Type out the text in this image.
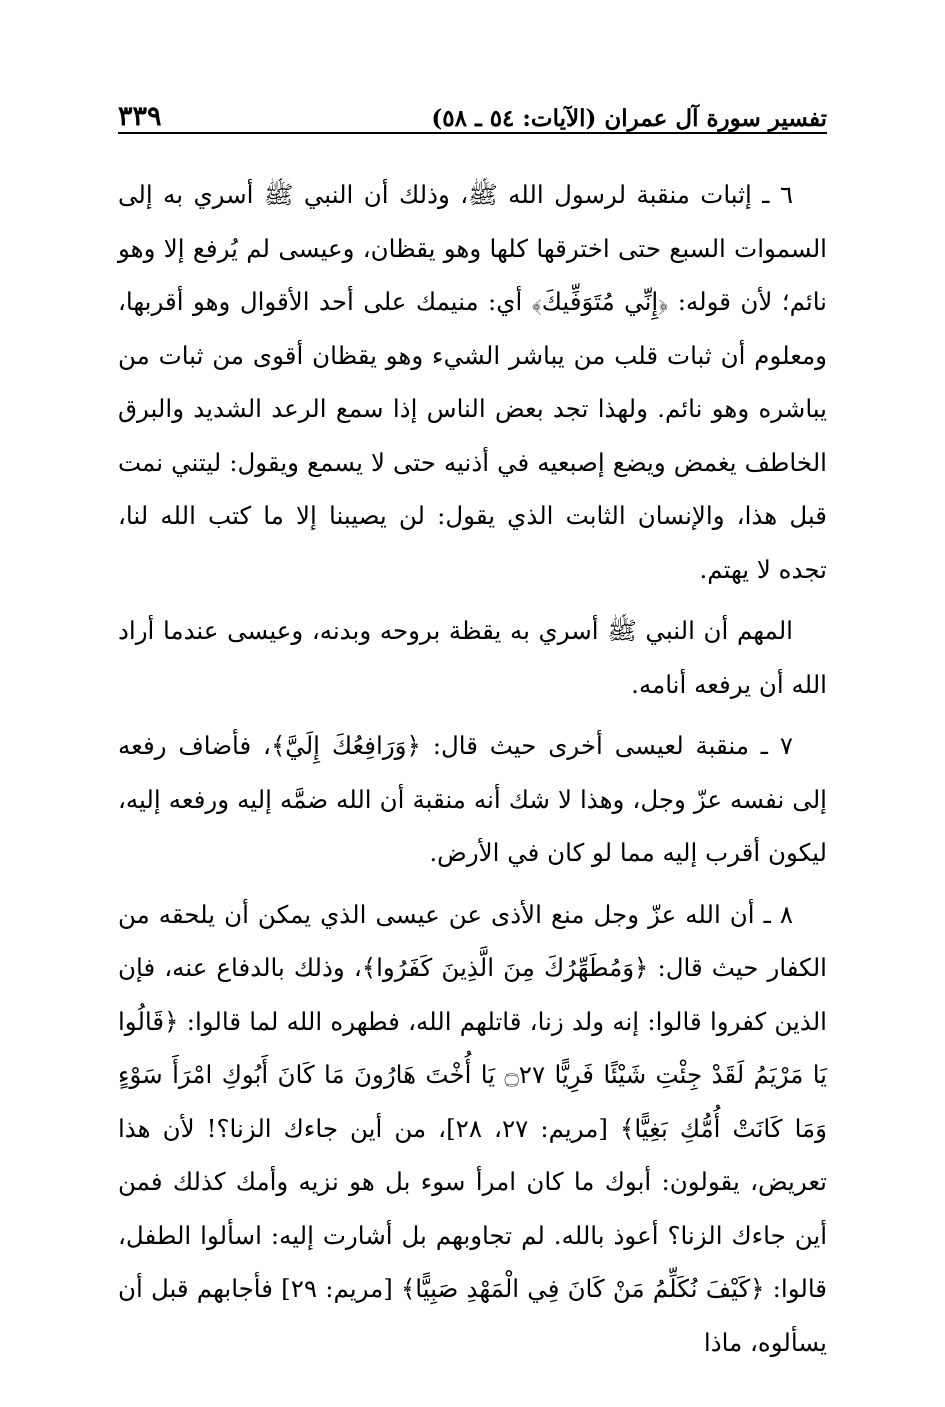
تفسير سورة آل عمران (الآيات: ٥٤ ـ ٥٨)
٣٣٩

٦ ـ إثبات منقبة لرسول الله ﷺ، وذلك أن النبي ﷺ أسري به إلى السموات السبع حتى اخترقها كلها وهو يقظان، وعيسى لم يُرفع إلا وهو نائم؛ لأن قوله: ﴿إِنِّي مُتَوَفِّيكَ﴾ أي: منيمك على أحد الأقوال وهو أقربها، ومعلوم أن ثبات قلب من يباشر الشيء وهو يقظان أقوى من ثبات من يباشره وهو نائم. ولهذا تجد بعض الناس إذا سمع الرعد الشديد والبرق الخاطف يغمض ويضع إصبعيه في أذنيه حتى لا يسمع ويقول: ليتني نمت قبل هذا، والإنسان الثابت الذي يقول: لن يصيبنا إلا ما كتب الله لنا، تجده لا يهتم.

المهم أن النبي ﷺ أسري به يقظة بروحه وبدنه، وعيسى عندما أراد الله أن يرفعه أنامه.

٧ ـ منقبة لعيسى أخرى حيث قال: ﴿وَرَافِعُكَ إِلَيَّ﴾، فأضاف رفعه إلى نفسه عزّ وجل، وهذا لا شك أنه منقبة أن الله ضمَّه إليه ورفعه إليه، ليكون أقرب إليه مما لو كان في الأرض.

٨ ـ أن الله عزّ وجل منع الأذى عن عيسى الذي يمكن أن يلحقه من الكفار حيث قال: ﴿وَمُطَهِّرُكَ مِنَ الَّذِينَ كَفَرُوا﴾، وذلك بالدفاع عنه، فإن الذين كفروا قالوا: إنه ولد زنا، قاتلهم الله، فطهره الله لما قالوا: ﴿قَالُوا يَا مَرْيَمُ لَقَدْ جِئْتِ شَيْئًا فَرِيًّا ۝٢٧ يَا أُخْتَ هَارُونَ مَا كَانَ أَبُوكِ امْرَأَ سَوْءٍ وَمَا كَانَتْ أُمُّكِ بَغِيًّا﴾ [مريم: ٢٧، ٢٨]، من أين جاءك الزنا؟! لأن هذا تعريض، يقولون: أبوك ما كان امرأ سوء بل هو نزيه وأمك كذلك فمن أين جاءك الزنا؟ أعوذ بالله. لم تجاوبهم بل أشارت إليه: اسألوا الطفل، قالوا: ﴿كَيْفَ نُكَلِّمُ مَنْ كَانَ فِي الْمَهْدِ صَبِيًّا﴾ [مريم: ٢٩] فأجابهم قبل أن يسألوه، ماذا
